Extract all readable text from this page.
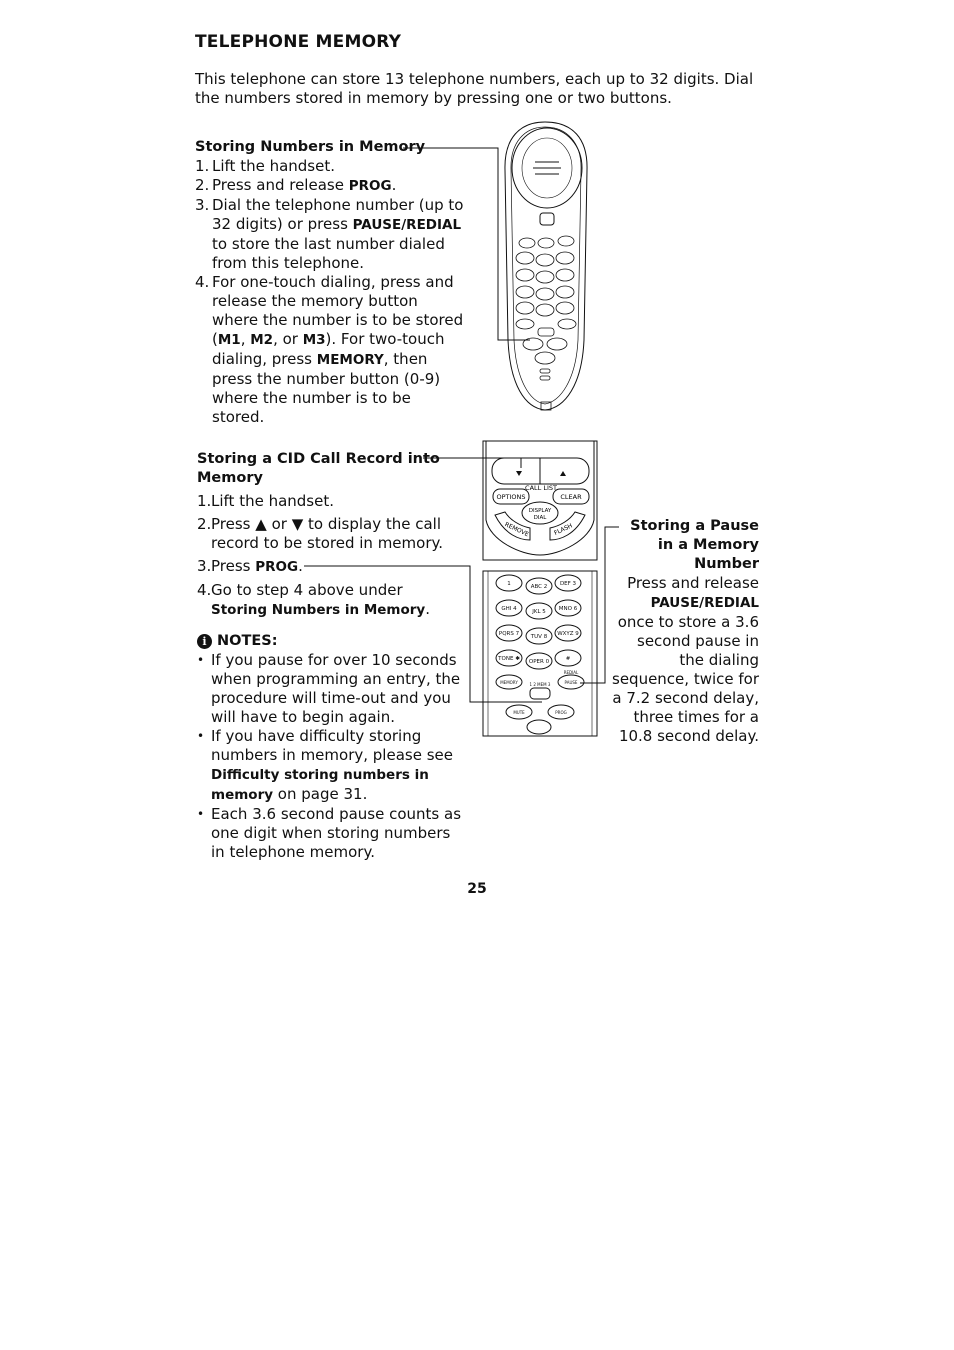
TELEPHONE MEMORY
This telephone can store 13 telephone numbers, each up to 32 digits. Dial the numbers stored in memory by pressing one or two buttons.
Storing Numbers in Memory
1. Lift the handset.
2. Press and release PROG.
3. Dial the telephone number (up to 32 digits) or press PAUSE/REDIAL to store the last number dialed from this telephone.
4. For one-touch dialing, press and release the memory button where the number is to be stored (M1, M2, or M3). For two-touch dialing, press MEMORY, then press the number button (0-9) where the number is to be stored.
Storing a CID Call Record into Memory
1. Lift the handset.
2. Press ▲ or ▼ to display the call record to be stored in memory.
3. Press PROG.
4. Go to step 4 above under Storing Numbers in Memory.
i NOTES:
• If you pause for over 10 seconds when programming an entry, the procedure will time-out and you will have to begin again.
• If you have difficulty storing numbers in memory, please see Difficulty storing numbers in memory on page 31.
• Each 3.6 second pause counts as one digit when storing numbers in telephone memory.
Storing a Pause in a Memory Number
Press and release PAUSE/REDIAL once to store a 3.6 second pause in the dialing sequence, twice for a 7.2 second delay, three times for a 10.8 second delay.
25
CALL LIST
OPTIONS	CLEAR
DISPLAY
DIAL
REMOVE	FLASH
1	ABC 2 DEF 3
GHI 4	JKL 5 MNO 6
PQRS 7 TUV 8 WXYZ 9
TONE ✱ OPER 0	#
MEMORY
REDIAL
PAUSE
1 2 MEM 3
MUTE	PROG
